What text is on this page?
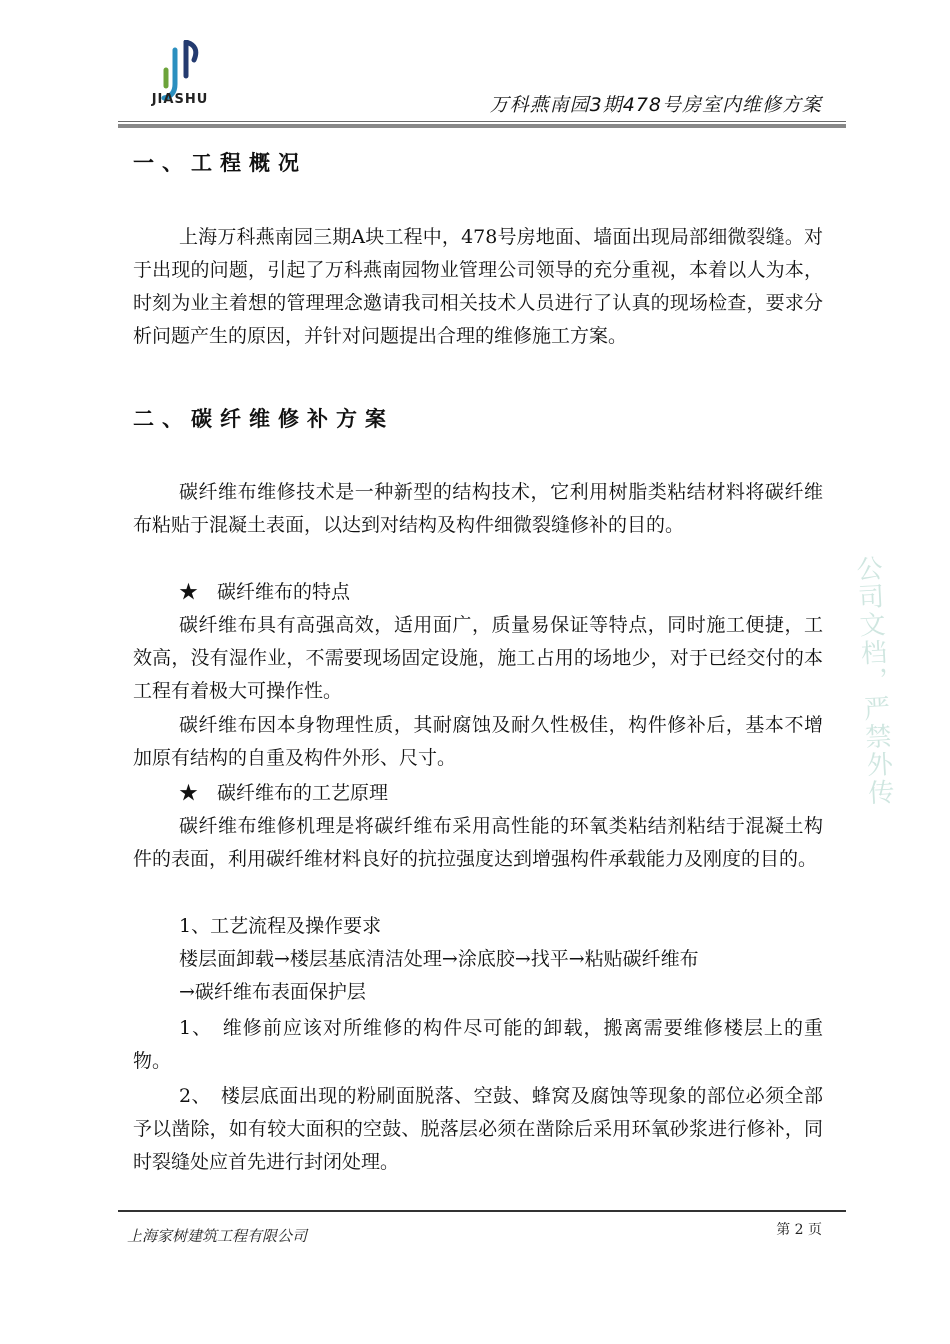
JIASHU	万科燕南园3期478号房室内维修方案
一、工程概况
上海万科燕南园三期A块工程中，478号房地面、墙面出现局部细微裂缝。对于出现的问题，引起了万科燕南园物业管理公司领导的充分重视，本着以人为本，时刻为业主着想的管理理念邀请我司相关技术人员进行了认真的现场检查，要求分析问题产生的原因，并针对问题提出合理的维修施工方案。
二、碳纤维修补方案
碳纤维布维修技术是一种新型的结构技术，它利用树脂类粘结材料将碳纤维布粘贴于混凝土表面，以达到对结构及构件细微裂缝修补的目的。
★　碳纤维布的特点
碳纤维布具有高强高效，适用面广，质量易保证等特点，同时施工便捷，工效高，没有湿作业，不需要现场固定设施，施工占用的场地少，对于已经交付的本工程有着极大可操作性。
碳纤维布因本身物理性质，其耐腐蚀及耐久性极佳，构件修补后，基本不增加原有结构的自重及构件外形、尺寸。
★　碳纤维布的工艺原理
碳纤维布维修机理是将碳纤维布采用高性能的环氧类粘结剂粘结于混凝土构件的表面，利用碳纤维材料良好的抗拉强度达到增强构件承载能力及刚度的目的。
1、工艺流程及操作要求
楼层面卸载→楼层基底清洁处理→涂底胶→找平→粘贴碳纤维布
→碳纤维布表面保护层
1、　维修前应该对所维修的构件尽可能的卸载，搬离需要维修楼层上的重物。
2、　楼层底面出现的粉刷面脱落、空鼓、蜂窝及腐蚀等现象的部位必须全部予以凿除，如有较大面积的空鼓、脱落层必须在凿除后采用环氧砂浆进行修补，同时裂缝处应首先进行封闭处理。
公司文档，严禁外传
上海家树建筑工程有限公司	第 2 页
